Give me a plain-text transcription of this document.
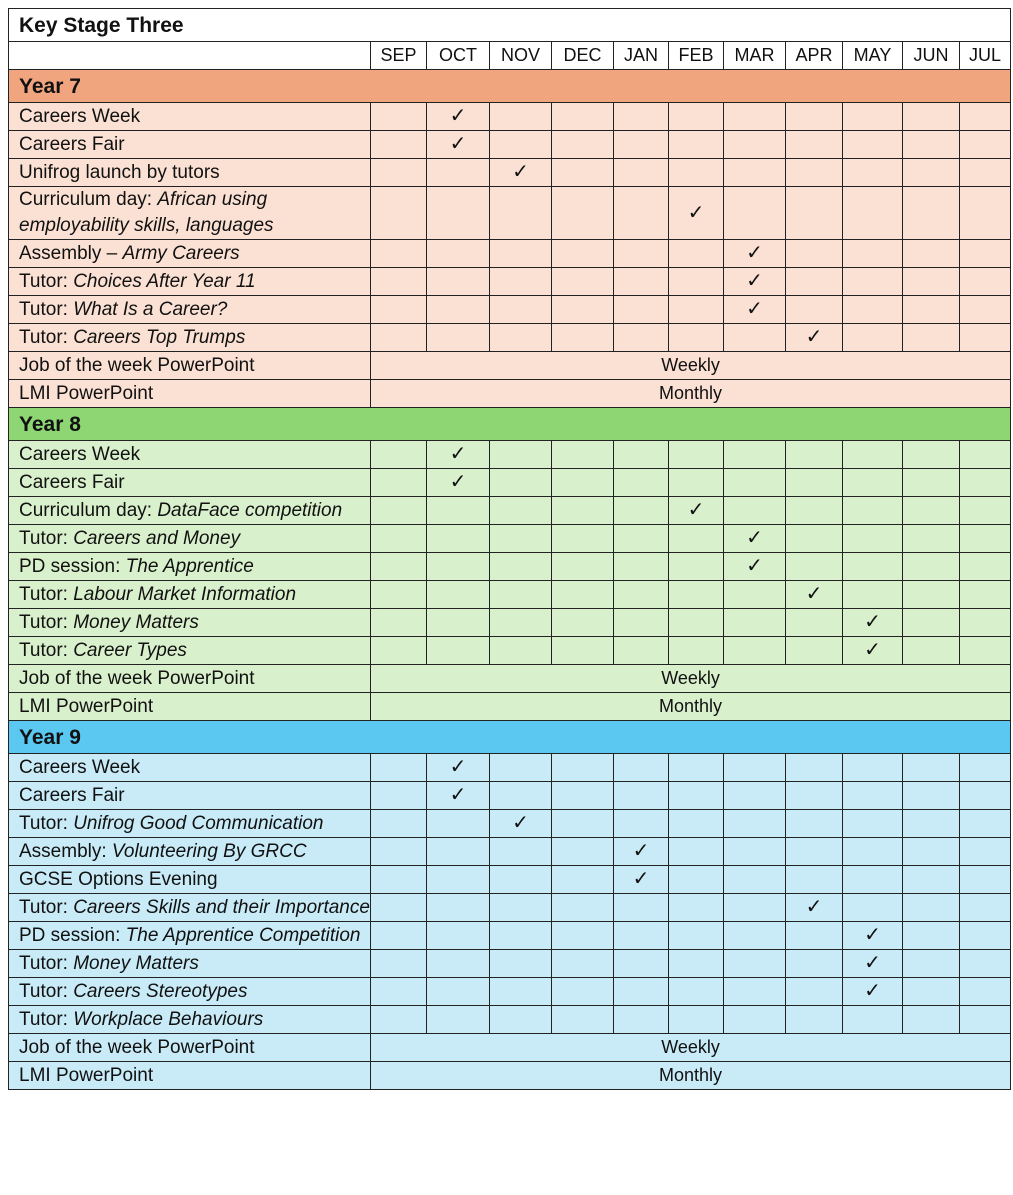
Key Stage Three											
	SEP	OCT	NOV	DEC	JAN	FEB	MAR	APR	MAY	JUN	JUL
Year 7											
Careers Week		✓									
Careers Fair		✓									
Unifrog launch by tutors			✓								
Curriculum day: African using employability skills, languages						✓					
Assembly – Army Careers							✓				
Tutor: Choices After Year 11							✓				
Tutor: What Is a Career?							✓				
Tutor: Careers Top Trumps								✓			
Job of the week PowerPoint	Weekly										
LMI PowerPoint	Monthly										
Year 8											
Careers Week		✓									
Careers Fair		✓									
Curriculum day: DataFace competition						✓					
Tutor: Careers and Money							✓				
PD session: The Apprentice							✓				
Tutor: Labour Market Information								✓			
Tutor: Money Matters									✓		
Tutor: Career Types									✓		
Job of the week PowerPoint	Weekly										
LMI PowerPoint	Monthly										
Year 9											
Careers Week		✓									
Careers Fair		✓									
Tutor: Unifrog Good Communication			✓								
Assembly: Volunteering By GRCC					✓						
GCSE Options Evening					✓						
Tutor: Careers Skills and their Importance								✓			
PD session: The Apprentice Competition									✓		
Tutor: Money Matters									✓		
Tutor: Careers Stereotypes									✓		
Tutor: Workplace Behaviours											
Job of the week PowerPoint	Weekly										
LMI PowerPoint	Monthly										
